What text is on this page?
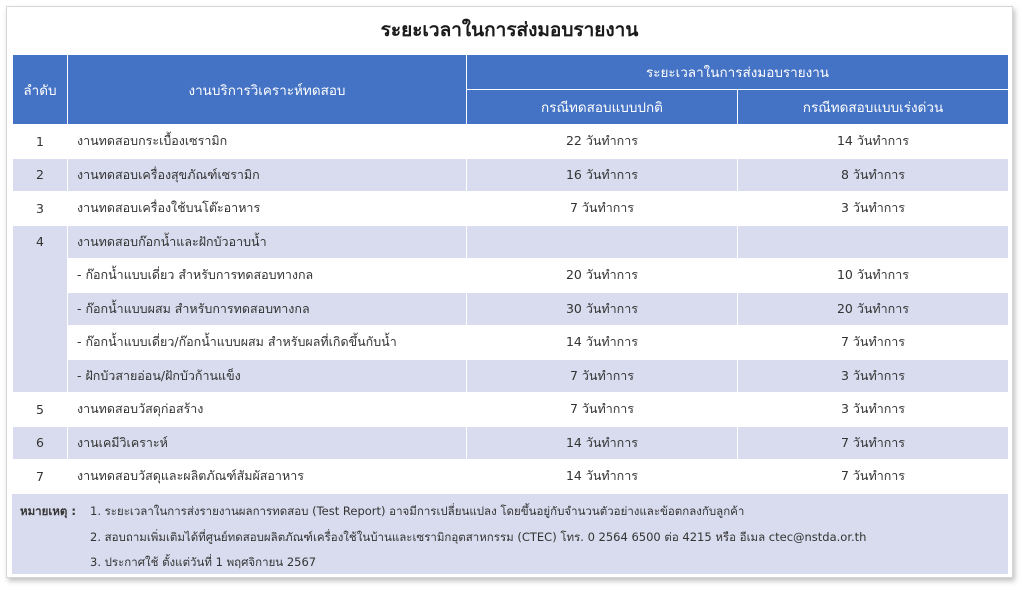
ระยะเวลาในการส่งมอบรายงาน
ลำดับ	งานบริการวิเคราะห์ทดสอบ	ระยะเวลาในการส่งมอบรายงาน	
		กรณีทดสอบแบบปกติ	กรณีทดสอบแบบเร่งด่วน
1	งานทดสอบกระเบื้องเซรามิก	22 วันทำการ	14 วันทำการ
2	งานทดสอบเครื่องสุขภัณฑ์เซรามิก	16 วันทำการ	8 วันทำการ
3	งานทดสอบเครื่องใช้บนโต๊ะอาหาร	7 วันทำการ	3 วันทำการ
4	งานทดสอบก๊อกน้ำและฝักบัวอาบน้ำ		
	- ก๊อกน้ำแบบเดี่ยว สำหรับการทดสอบทางกล	20 วันทำการ	10 วันทำการ
	- ก๊อกน้ำแบบผสม สำหรับการทดสอบทางกล	30 วันทำการ	20 วันทำการ
	- ก๊อกน้ำแบบเดี่ยว/ก๊อกน้ำแบบผสม สำหรับผลที่เกิดขึ้นกับน้ำ	14 วันทำการ	7 วันทำการ
	- ฝักบัวสายอ่อน/ฝักบัวก้านแข็ง	7 วันทำการ	3 วันทำการ
5	งานทดสอบวัสดุก่อสร้าง	7 วันทำการ	3 วันทำการ
6	งานเคมีวิเคราะห์	14 วันทำการ	7 วันทำการ
7	งานทดสอบวัสดุและผลิตภัณฑ์สัมผัสอาหาร	14 วันทำการ	7 วันทำการ
หมายเหตุ : 1. ระยะเวลาในการส่งรายงานผลการทดสอบ (Test Report) อาจมีการเปลี่ยนแปลง โดยขึ้นอยู่กับจำนวนตัวอย่างและข้อตกลงกับลูกค้า
2. สอบถามเพิ่มเติมได้ที่ศูนย์ทดสอบผลิตภัณฑ์เครื่องใช้ในบ้านและเซรามิกอุตสาหกรรม (CTEC) โทร. 0 2564 6500 ต่อ 4215 หรือ อีเมล ctec@nstda.or.th
3. ประกาศใช้ ตั้งแต่วันที่ 1 พฤศจิกายน 2567
